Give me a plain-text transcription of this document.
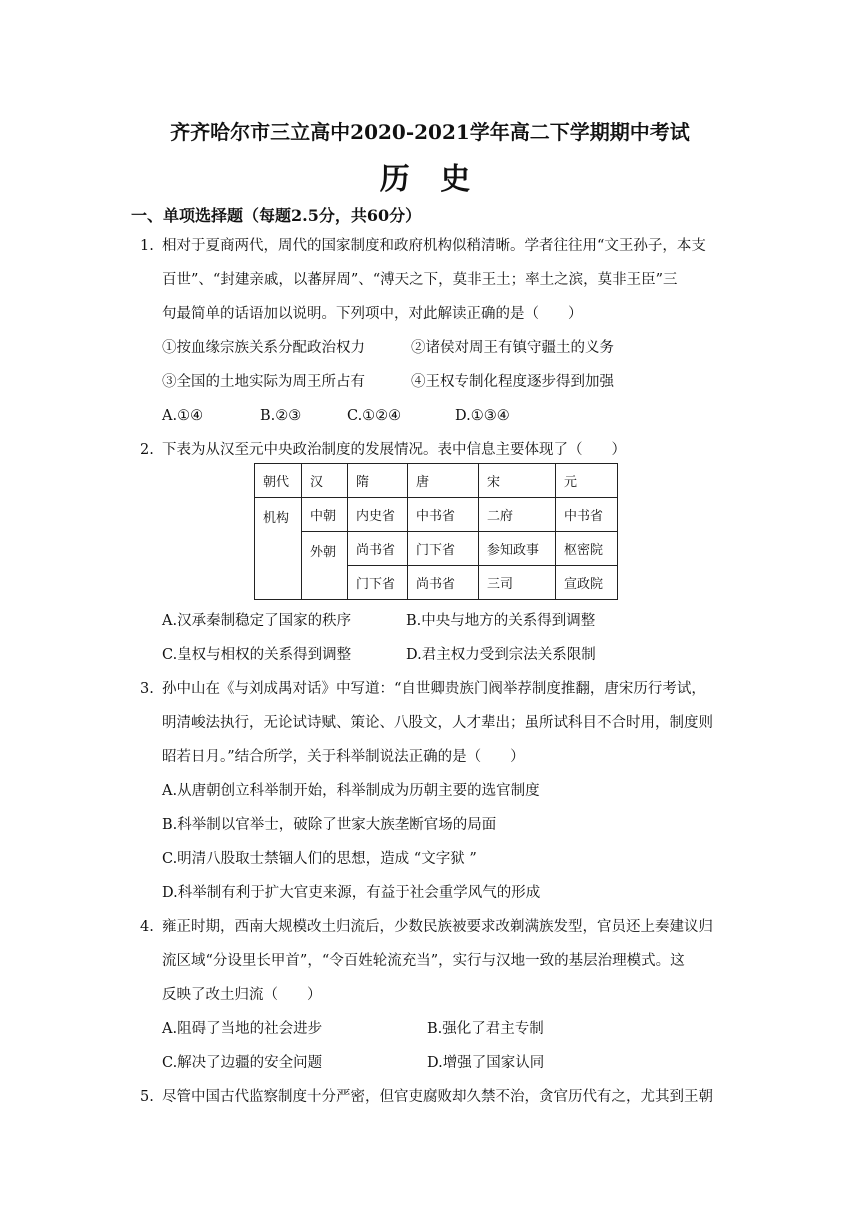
齐齐哈尔市三立高中2020-2021学年高二下学期期中考试
历 史
一、单项选择题（每题2.5分，共60分）
1. 相对于夏商两代，周代的国家制度和政府机构似稍清晰。学者往往用“文王孙子，本支
百世”、“封建亲戚，以蕃屏周”、“溥天之下，莫非王土；率土之滨，莫非王臣”三
句最简单的话语加以说明。下列项中，对此解读正确的是（　　）
①按血缘宗族关系分配政治权力	②诸侯对周王有镇守疆土的义务
③全国的土地实际为周王所占有	④王权专制化程度逐步得到加强
A.①④	B.②③	C.①②④	D.①③④
2. 下表为从汉至元中央政治制度的发展情况。表中信息主要体现了（　　）
朝代	汉	隋	唐	宋	元
机构	中朝	内史省	中书省	二府	中书省
	外朝	尚书省	门下省	参知政事	枢密院
		门下省	尚书省	三司	宣政院
A.汉承秦制稳定了国家的秩序	B.中央与地方的关系得到调整
C.皇权与相权的关系得到调整	D.君主权力受到宗法关系限制
3. 孙中山在《与刘成禺对话》中写道：“自世卿贵族门阀举荐制度推翻，唐宋历行考试，
明清峻法执行，无论试诗赋、策论、八股文，人才辈出；虽所试科目不合时用，制度则
昭若日月。”结合所学，关于科举制说法正确的是（　　）
A.从唐朝创立科举制开始，科举制成为历朝主要的选官制度
B.科举制以官举士，破除了世家大族垄断官场的局面
C.明清八股取士禁锢人们的思想，造成 “文字狱 ”
D.科举制有利于扩大官吏来源，有益于社会重学风气的形成
4. 雍正时期，西南大规模改土归流后，少数民族被要求改剃满族发型，官员还上奏建议归
流区域“分设里长甲首”，“令百姓轮流充当”，实行与汉地一致的基层治理模式。这
反映了改土归流（　　）
A.阻碍了当地的社会进步	B.强化了君主专制
C.解决了边疆的安全问题	D.增强了国家认同
5. 尽管中国古代监察制度十分严密，但官吏腐败却久禁不治，贪官历代有之，尤其到王朝
